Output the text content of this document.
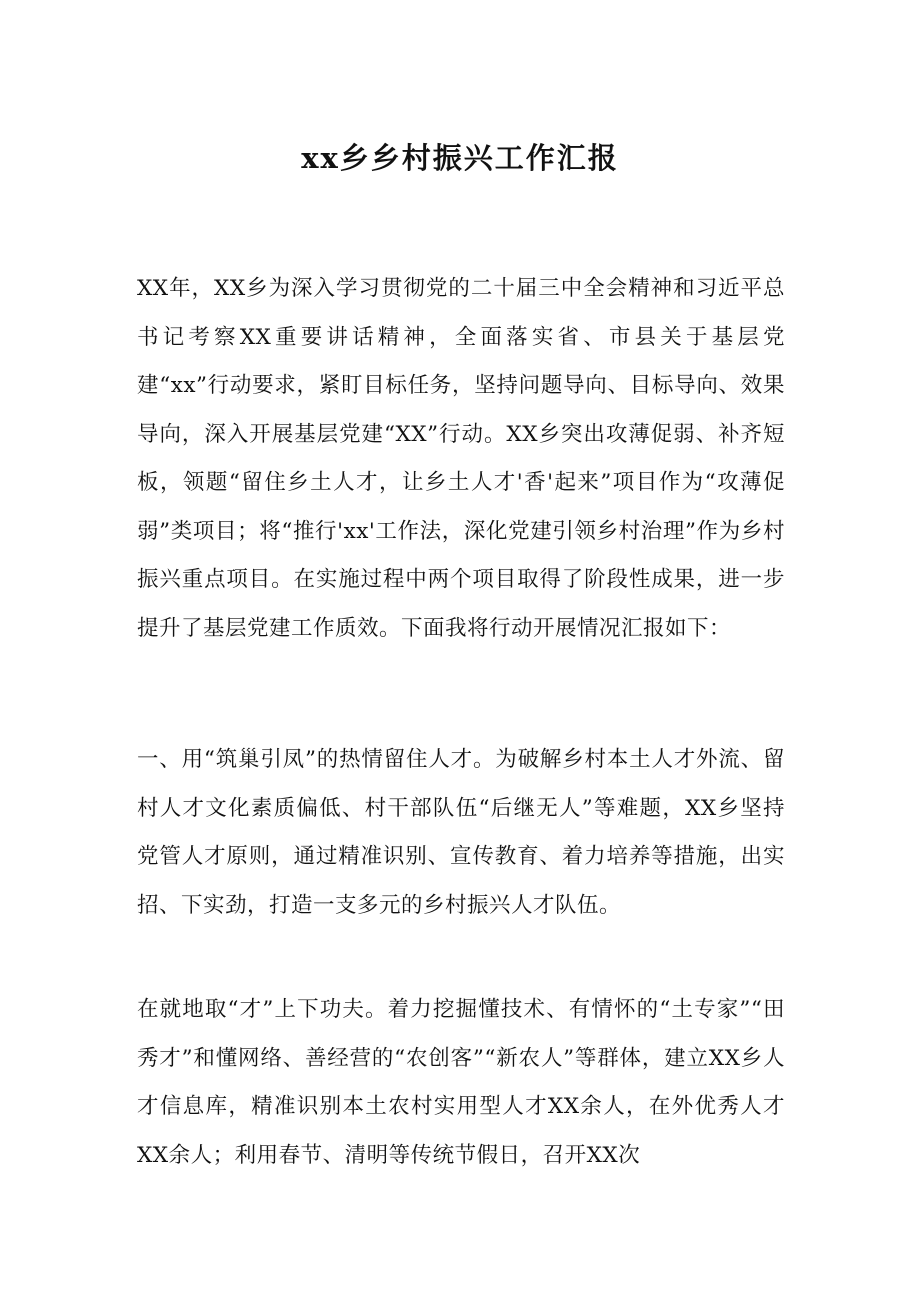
xx乡乡村振兴工作汇报

XX年，XX乡为深入学习贯彻党的二十届三中全会精神和习近平总书记考察XX重要讲话精神，全面落实省、市县关于基层党建“xx”行动要求，紧盯目标任务，坚持问题导向、目标导向、效果导向，深入开展基层党建“XX”行动。XX乡突出攻薄促弱、补齐短板，领题“留住乡土人才，让乡土人才'香'起来”项目作为“攻薄促弱”类项目；将“推行'xx'工作法，深化党建引领乡村治理”作为乡村振兴重点项目。在实施过程中两个项目取得了阶段性成果，进一步提升了基层党建工作质效。下面我将行动开展情况汇报如下：

一、用“筑巢引凤”的热情留住人才。为破解乡村本土人才外流、留村人才文化素质偏低、村干部队伍“后继无人”等难题，XX乡坚持党管人才原则，通过精准识别、宣传教育、着力培养等措施，出实招、下实劲，打造一支多元的乡村振兴人才队伍。

在就地取“才”上下功夫。着力挖掘懂技术、有情怀的“土专家”“田秀才”和懂网络、善经营的“农创客”“新农人”等群体，建立XX乡人才信息库，精准识别本土农村实用型人才XX余人，在外优秀人才XX余人；利用春节、清明等传统节假日，召开XX次
